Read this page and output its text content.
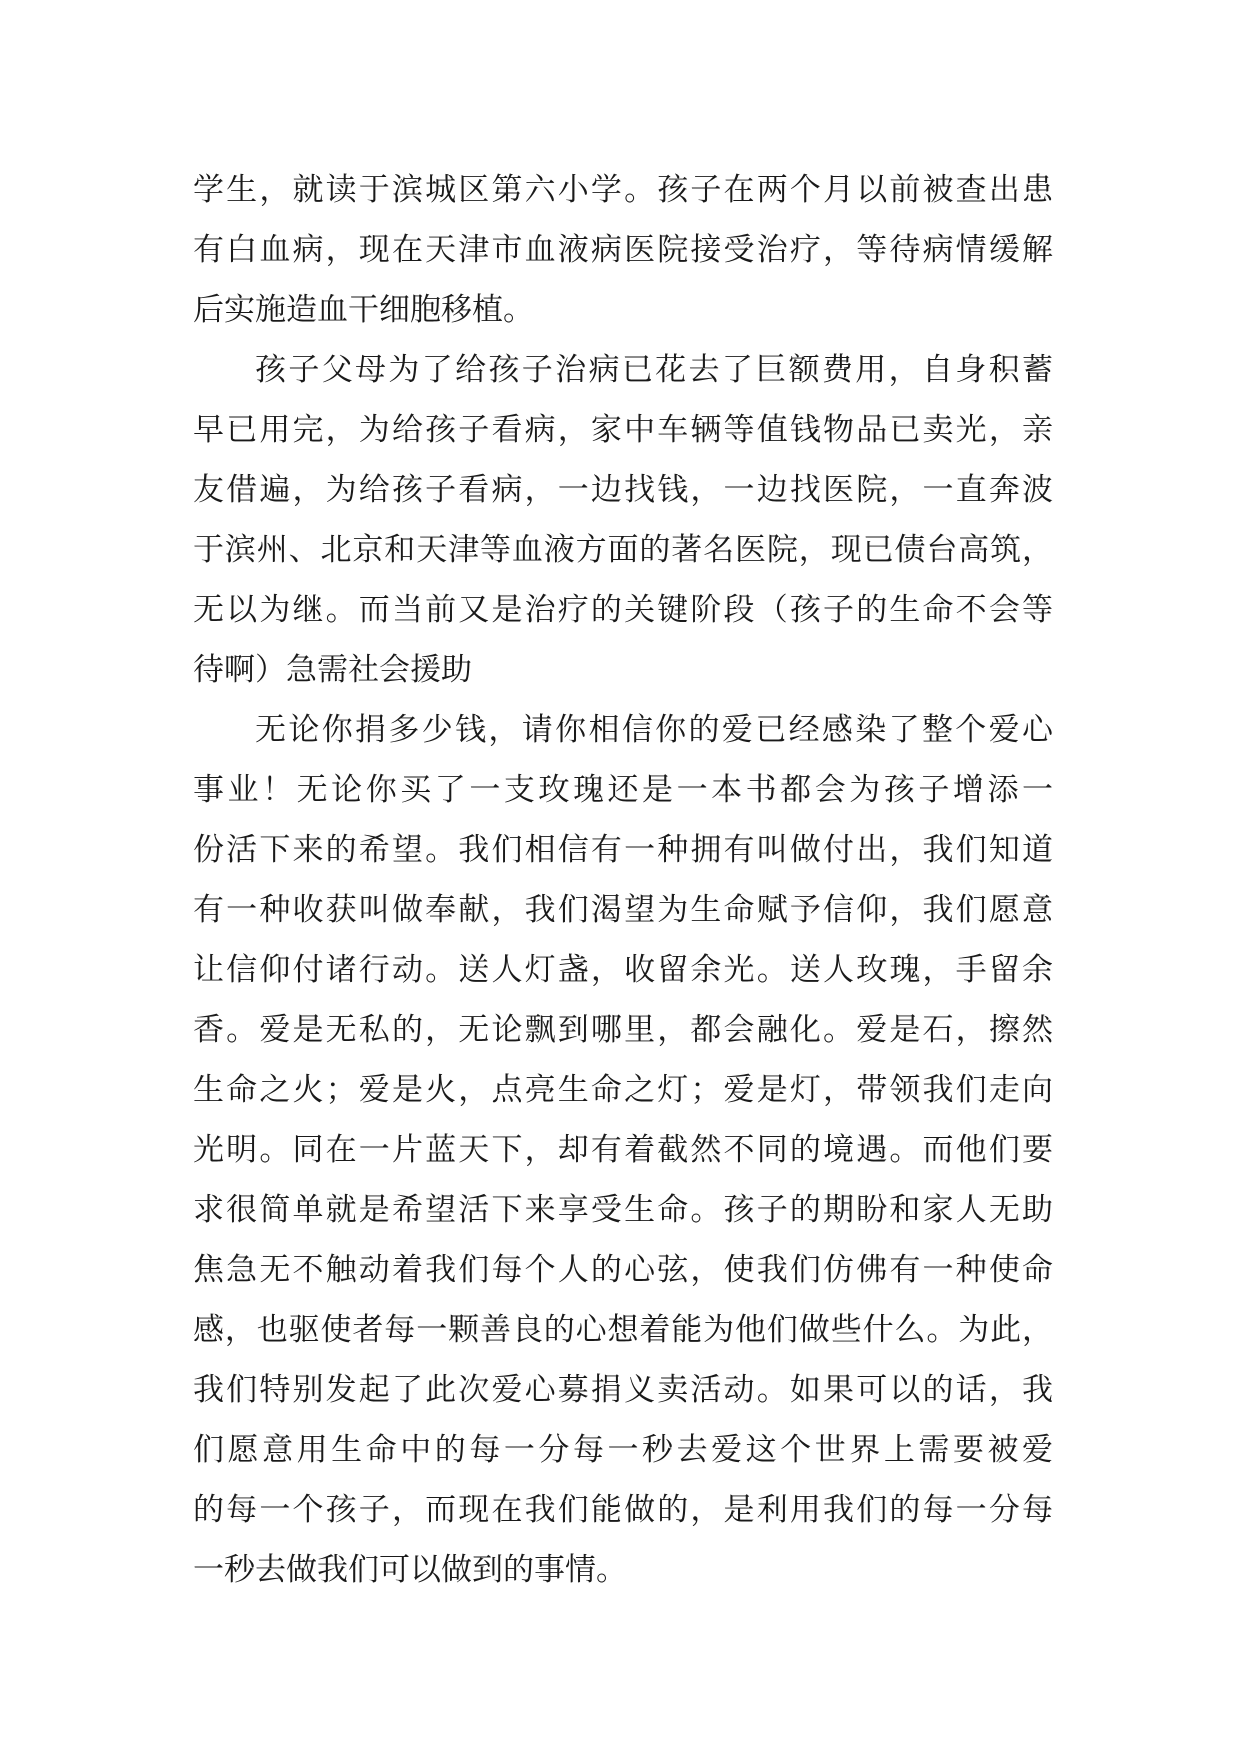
学生，就读于滨城区第六小学。孩子在两个月以前被查出患
有白血病，现在天津市血液病医院接受治疗，等待病情缓解
后实施造血干细胞移植。
孩子父母为了给孩子治病已花去了巨额费用，自身积蓄
早已用完，为给孩子看病，家中车辆等值钱物品已卖光，亲
友借遍，为给孩子看病，一边找钱，一边找医院，一直奔波
于滨州、北京和天津等血液方面的著名医院，现已债台高筑，
无以为继。而当前又是治疗的关键阶段（孩子的生命不会等
待啊）急需社会援助
无论你捐多少钱，请你相信你的爱已经感染了整个爱心
事业！无论你买了一支玫瑰还是一本书都会为孩子增添一
份活下来的希望。我们相信有一种拥有叫做付出，我们知道
有一种收获叫做奉献，我们渴望为生命赋予信仰，我们愿意
让信仰付诸行动。送人灯盏，收留余光。送人玫瑰，手留余
香。爱是无私的，无论飘到哪里，都会融化。爱是石，擦然
生命之火；爱是火，点亮生命之灯；爱是灯，带领我们走向
光明。同在一片蓝天下，却有着截然不同的境遇。而他们要
求很简单就是希望活下来享受生命。孩子的期盼和家人无助
焦急无不触动着我们每个人的心弦，使我们仿佛有一种使命
感，也驱使者每一颗善良的心想着能为他们做些什么。为此，
我们特别发起了此次爱心募捐义卖活动。如果可以的话，我
们愿意用生命中的每一分每一秒去爱这个世界上需要被爱
的每一个孩子，而现在我们能做的，是利用我们的每一分每
一秒去做我们可以做到的事情。
